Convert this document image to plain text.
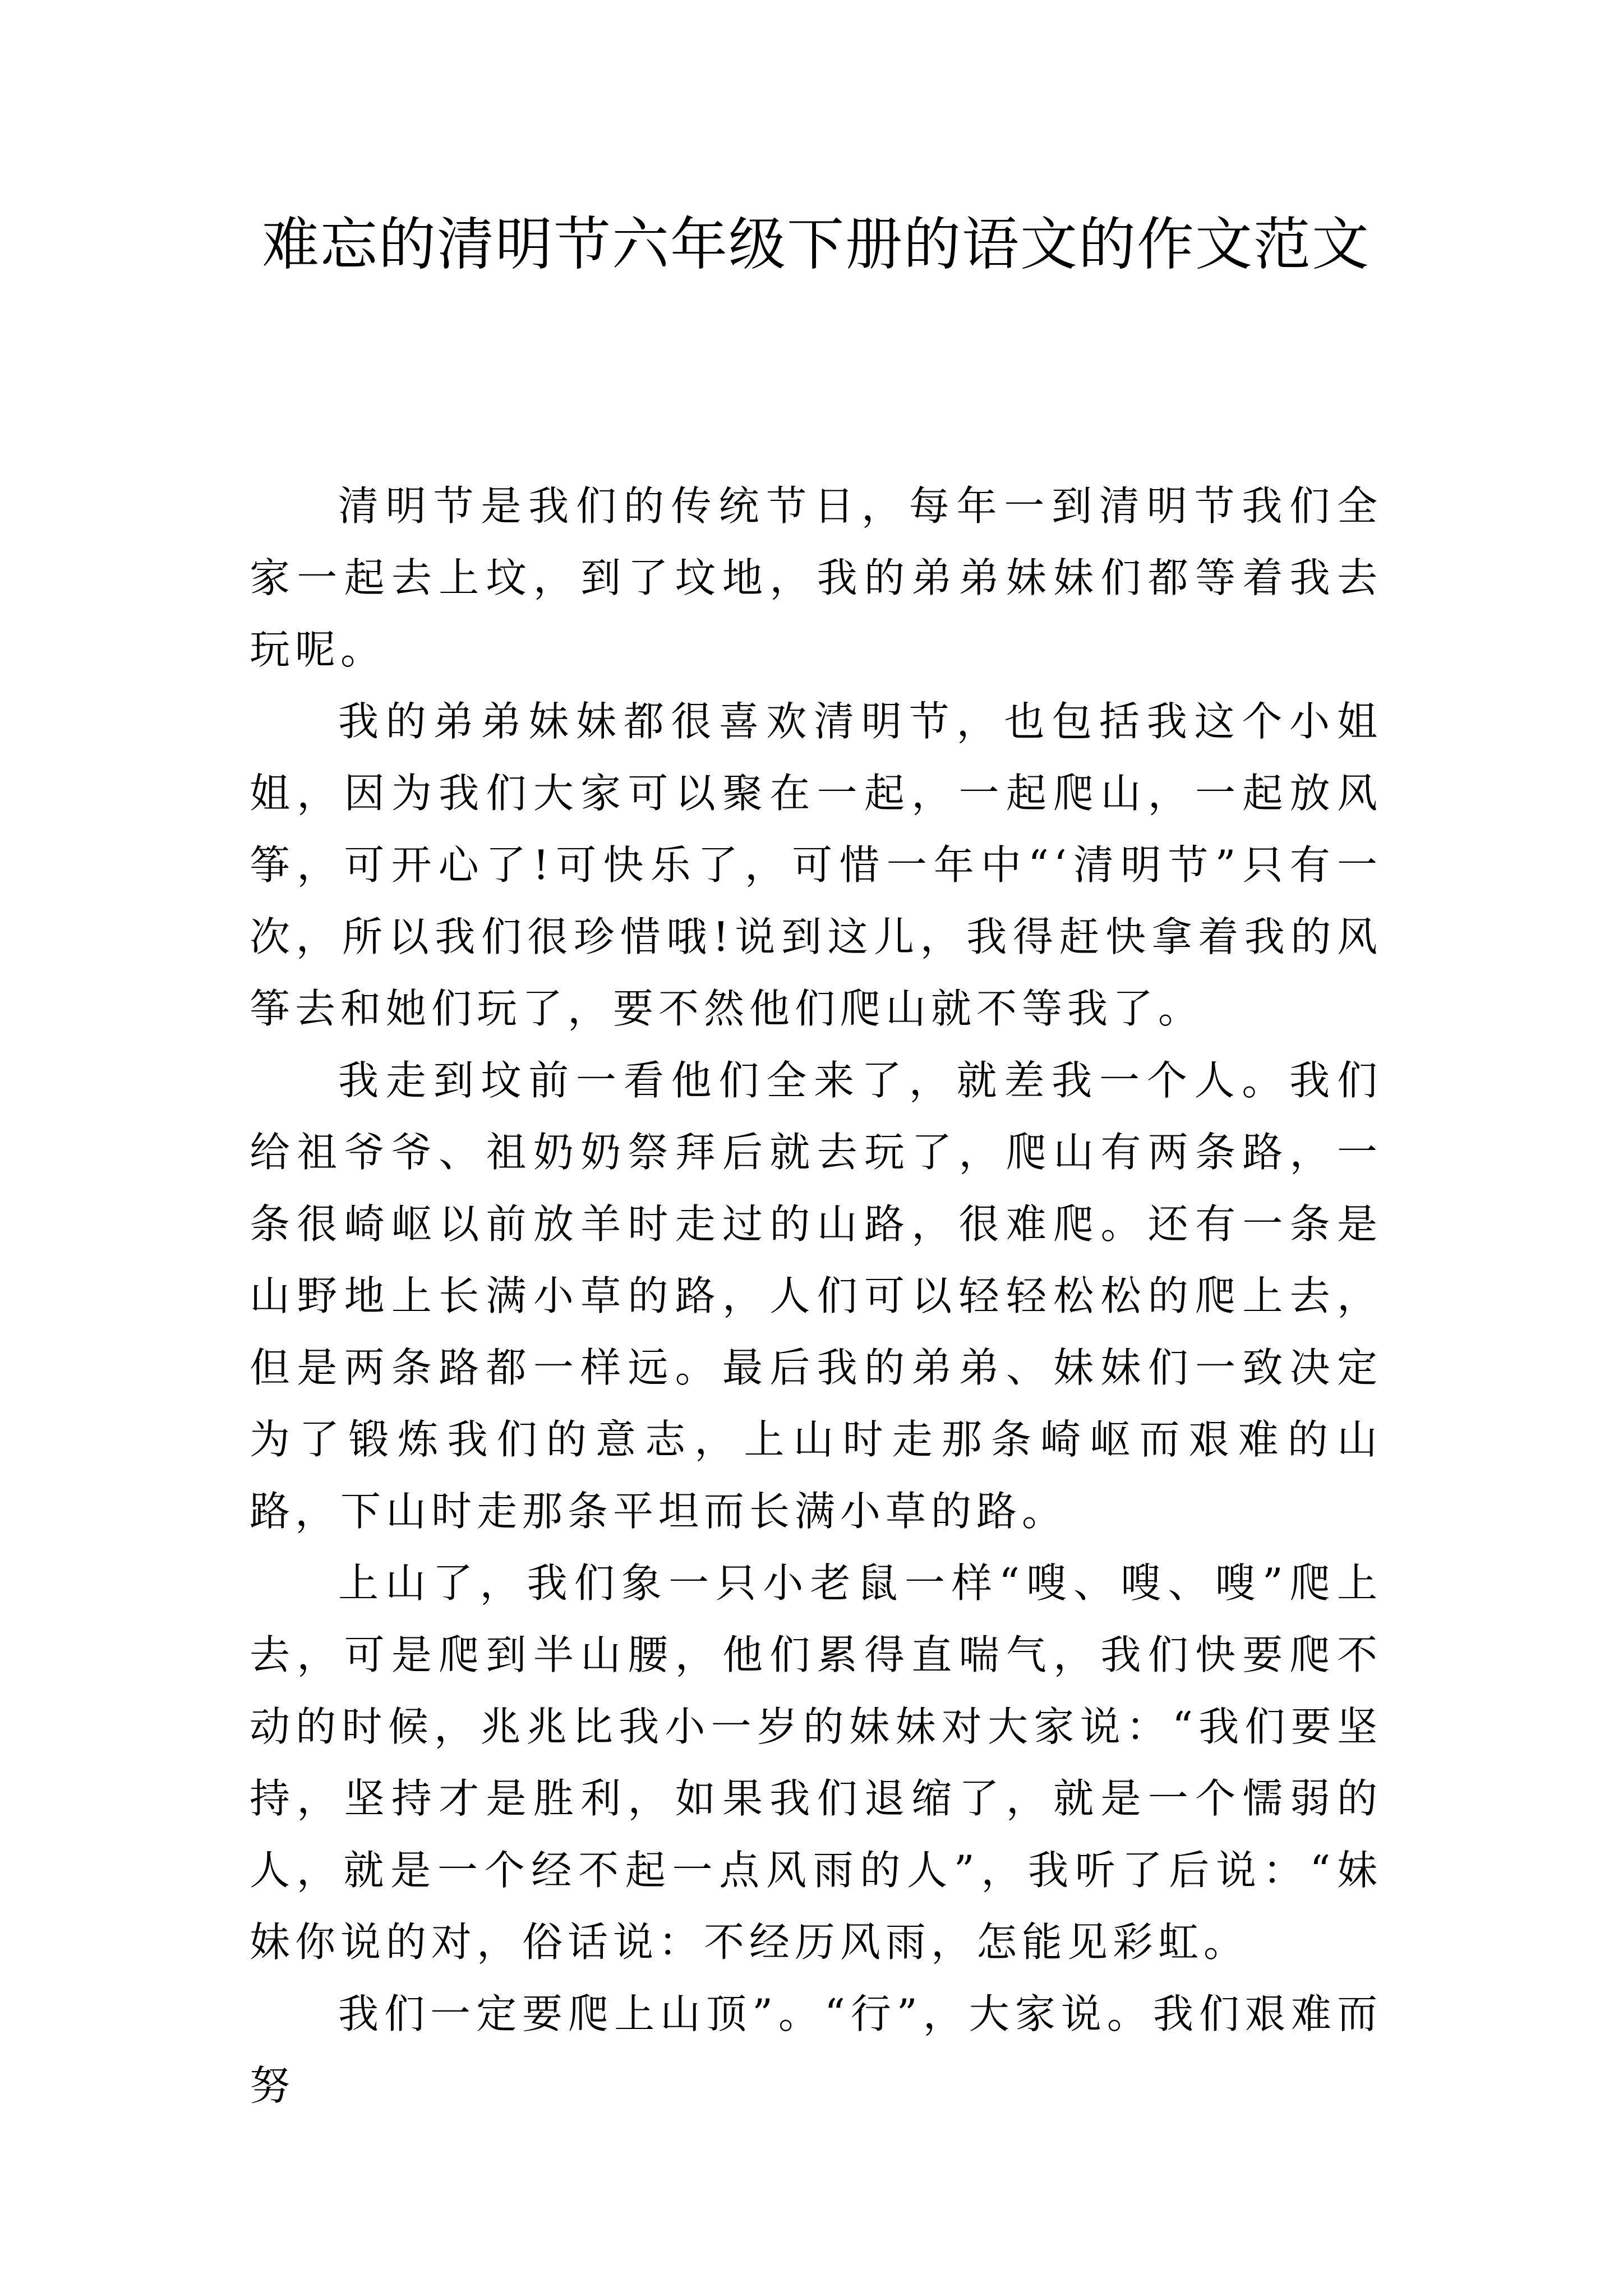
难忘的清明节六年级下册的语文的作文范文

清明节是我们的传统节日，每年一到清明节我们全家一起去上坟，到了坟地，我的弟弟妹妹们都等着我去玩呢。

我的弟弟妹妹都很喜欢清明节，也包括我这个小姐姐，因为我们大家可以聚在一起，一起爬山，一起放风筝，可开心了!可快乐了，可惜一年中“‘清明节”只有一次，所以我们很珍惜哦!说到这儿，我得赶快拿着我的风筝去和她们玩了，要不然他们爬山就不等我了。

我走到坟前一看他们全来了，就差我一个人。我们给祖爷爷、祖奶奶祭拜后就去玩了，爬山有两条路，一条很崎岖以前放羊时走过的山路，很难爬。还有一条是山野地上长满小草的路，人们可以轻轻松松的爬上去，但是两条路都一样远。最后我的弟弟、妹妹们一致决定为了锻炼我们的意志，上山时走那条崎岖而艰难的山路，下山时走那条平坦而长满小草的路。

上山了，我们象一只小老鼠一样“嗖、嗖、嗖”爬上去，可是爬到半山腰，他们累得直喘气，我们快要爬不动的时候，兆兆比我小一岁的妹妹对大家说：“我们要坚持，坚持才是胜利，如果我们退缩了，就是一个懦弱的人，就是一个经不起一点风雨的人”，我听了后说：“妹妹你说的对，俗话说：不经历风雨，怎能见彩虹。

我们一定要爬上山顶”。“行”，大家说。我们艰难而努
